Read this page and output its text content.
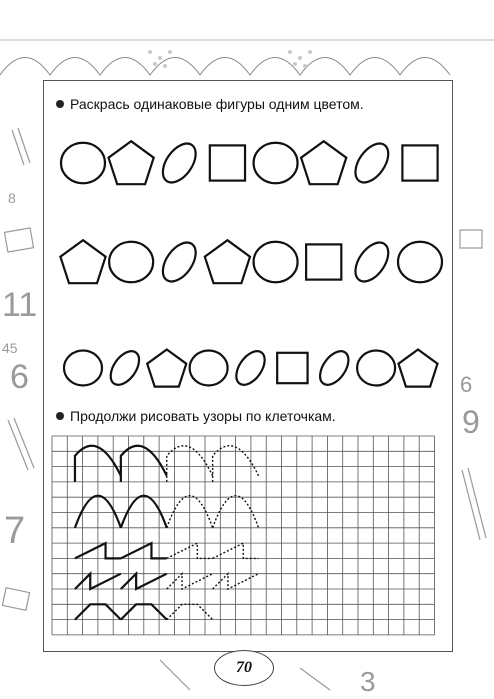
8
11
45
6
7
9
3
6
Раскрась одинаковые фигуры одним цветом.
Продолжи рисовать узоры по клеточкам.
70
